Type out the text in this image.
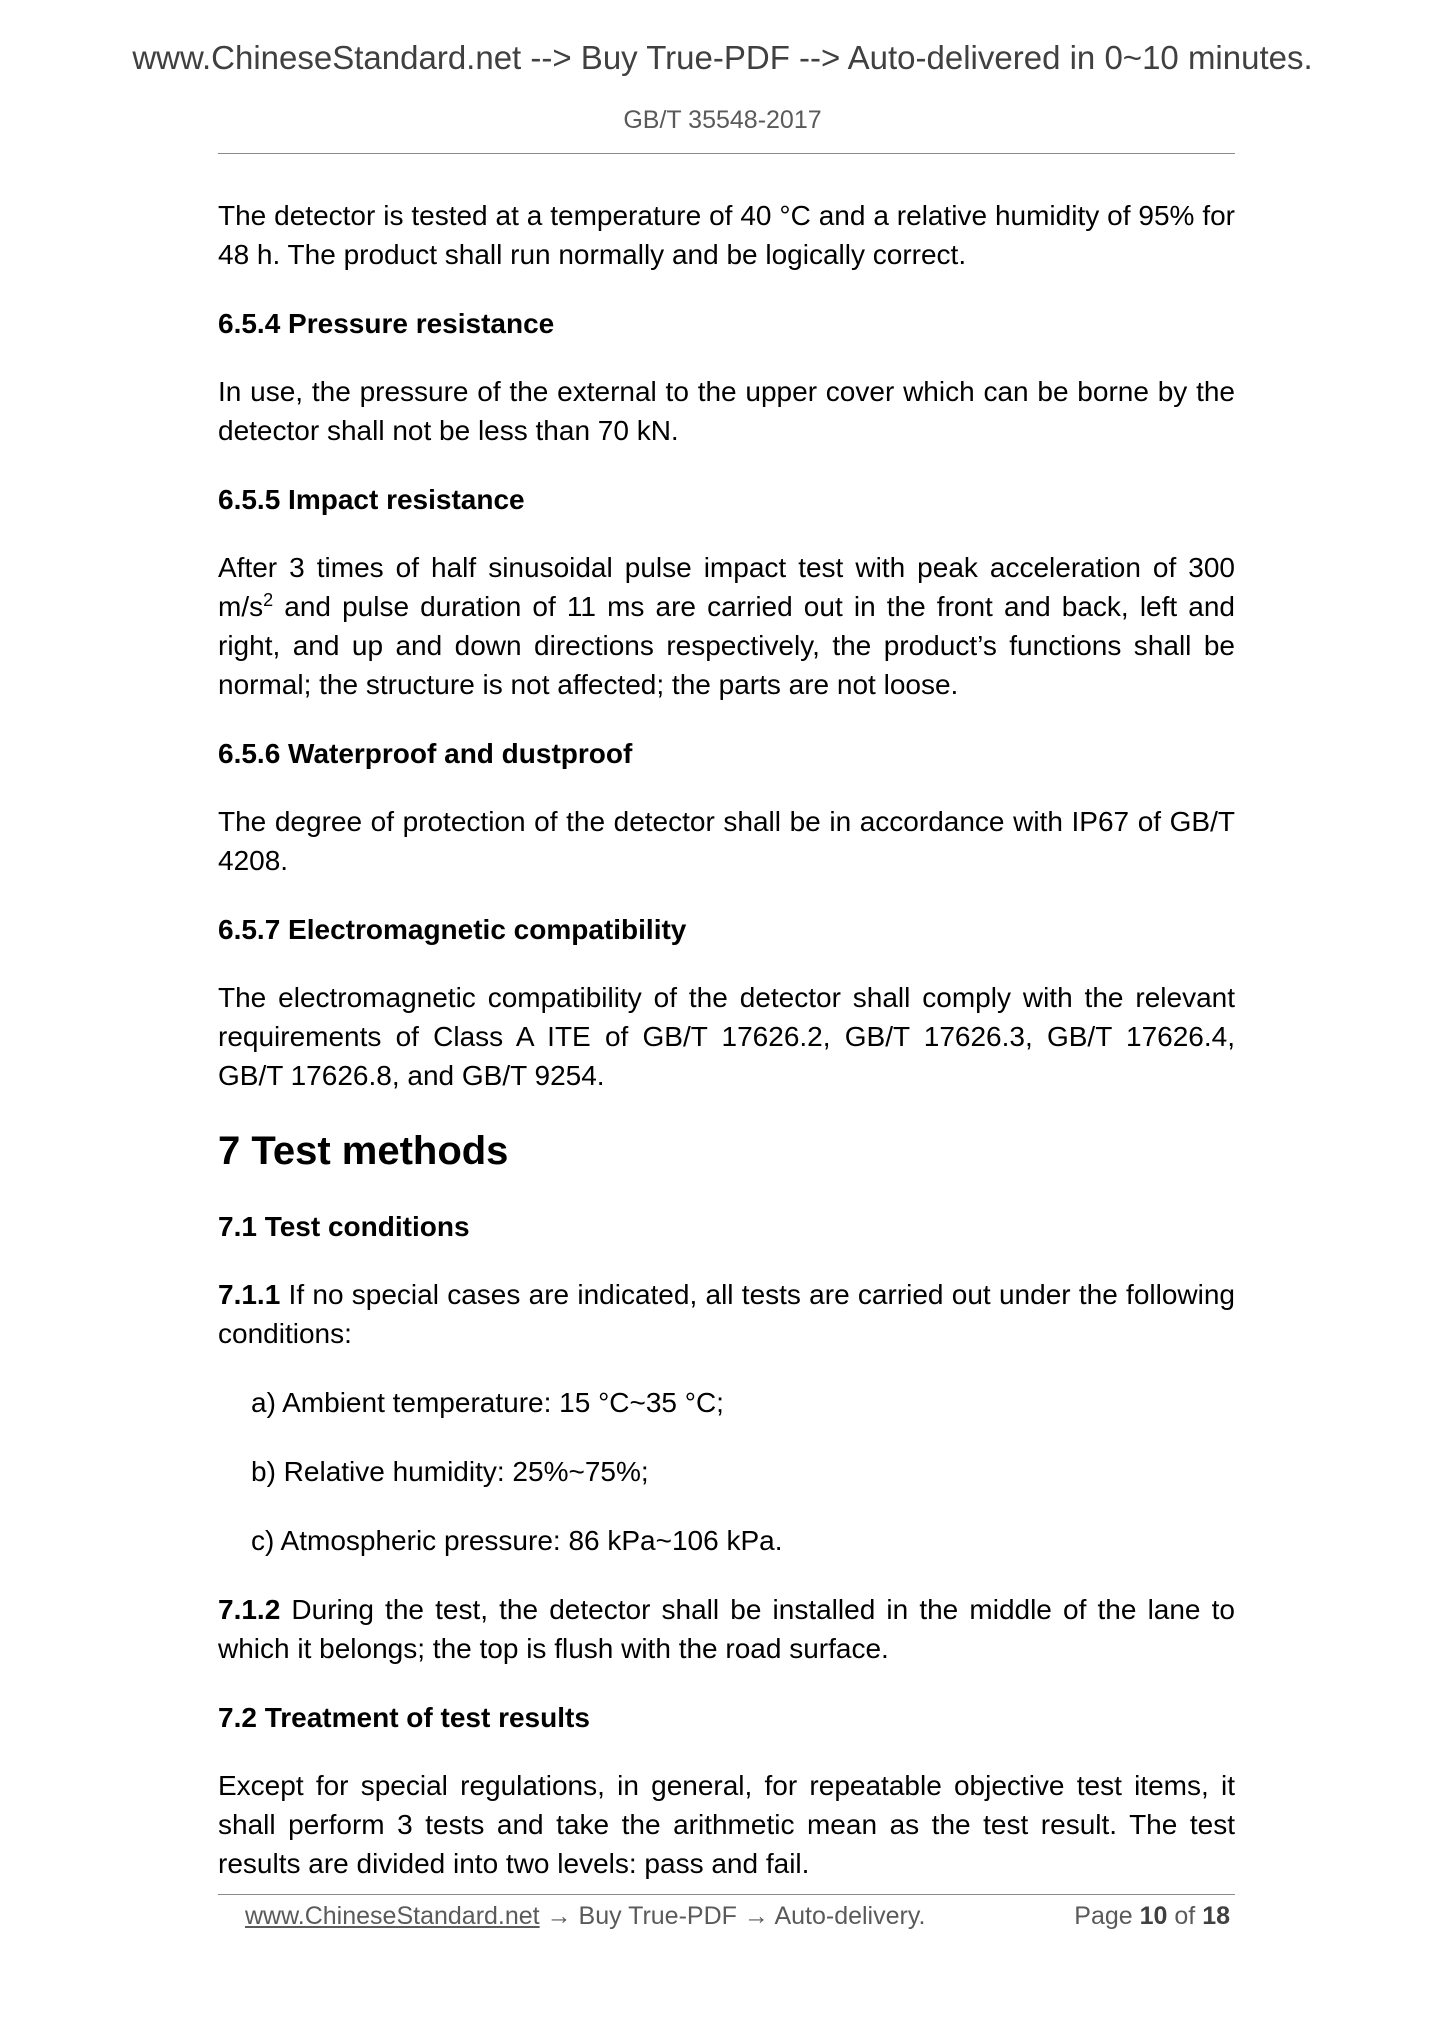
www.ChineseStandard.net --> Buy True-PDF --> Auto-delivered in 0~10 minutes.
GB/T 35548-2017

The detector is tested at a temperature of 40 °C and a relative humidity of 95% for 48 h. The product shall run normally and be logically correct.

6.5.4 Pressure resistance

In use, the pressure of the external to the upper cover which can be borne by the detector shall not be less than 70 kN.

6.5.5 Impact resistance

After 3 times of half sinusoidal pulse impact test with peak acceleration of 300 $m/s^2$ and pulse duration of 11 ms are carried out in the front and back, left and right, and up and down directions respectively, the product’s functions shall be normal; the structure is not affected; the parts are not loose.

6.5.6 Waterproof and dustproof

The degree of protection of the detector shall be in accordance with IP67 of GB/T 4208.

6.5.7 Electromagnetic compatibility

The electromagnetic compatibility of the detector shall comply with the relevant requirements of Class A ITE of GB/T 17626.2, GB/T 17626.3, GB/T 17626.4, GB/T 17626.8, and GB/T 9254.

7 Test methods
7.1 Test conditions

7.1.1 If no special cases are indicated, all tests are carried out under the following conditions:

a) Ambient temperature: 15 °C~35 °C;
b) Relative humidity: 25%~75%;
c) Atmospheric pressure: 86 kPa~106 kPa.

7.1.2 During the test, the detector shall be installed in the middle of the lane to which it belongs; the top is flush with the road surface.

7.2 Treatment of test results

Except for special regulations, in general, for repeatable objective test items, it shall perform 3 tests and take the arithmetic mean as the test result. The test results are divided into two levels: pass and fail.

www.ChineseStandard.net → Buy True-PDF → Auto-delivery.	Page 10 of 18
